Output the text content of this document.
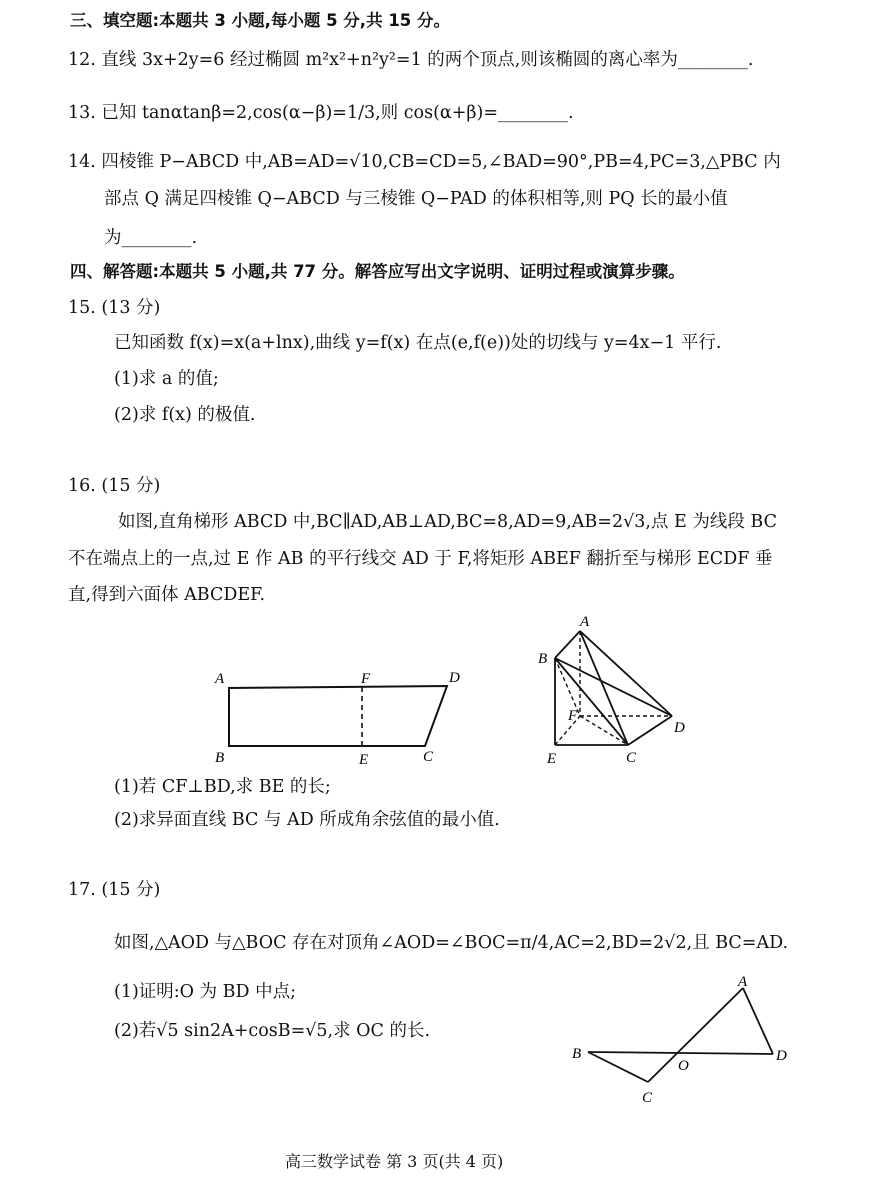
三、填空题:本题共 3 小题,每小题 5 分,共 15 分。
12. 直线 3x+2y=6 经过椭圆 m²x²+n²y²=1 的两个顶点,则该椭圆的离心率为________.
13. 已知 tanαtanβ=2,cos(α−β)=1/3,则 cos(α+β)=________.
14. 四棱锥 P−ABCD 中,AB=AD=√10,CB=CD=5,∠BAD=90°,PB=4,PC=3,△PBC 内
部点 Q 满足四棱锥 Q−ABCD 与三棱锥 Q−PAD 的体积相等,则 PQ 长的最小值
为________.
四、解答题:本题共 5 小题,共 77 分。解答应写出文字说明、证明过程或演算步骤。
15. (13 分)
已知函数 f(x)=x(a+lnx),曲线 y=f(x) 在点(e,f(e))处的切线与 y=4x−1 平行.
(1)求 a 的值;
(2)求 f(x) 的极值.
16. (15 分)
如图,直角梯形 ABCD 中,BC∥AD,AB⊥AD,BC=8,AD=9,AB=2√3,点 E 为线段 BC
不在端点上的一点,过 E 作 AB 的平行线交 AD 于 F,将矩形 ABEF 翻折至与梯形 ECDF 垂
直,得到六面体 ABCDEF.
A	F	D
B	E	C
A
B
F
D
E	C
(1)若 CF⊥BD,求 BE 的长;
(2)求异面直线 BC 与 AD 所成角余弦值的最小值.
17. (15 分)
如图,△AOD 与△BOC 存在对顶角∠AOD=∠BOC=π/4,AC=2,BD=2√2,且 BC=AD.
(1)证明:O 为 BD 中点;
(2)若√5 sin2A+cosB=√5,求 OC 的长.
A
B
O
D
C
高三数学试卷 第 3 页(共 4 页)
